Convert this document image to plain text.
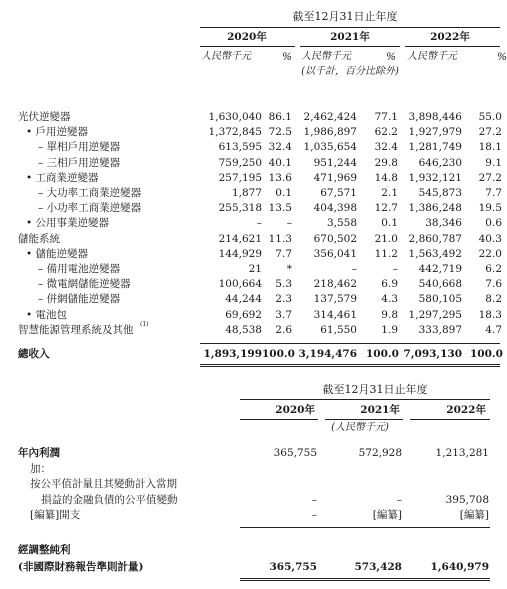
截至12月31日止年度
2020年	2021年	2022年
人民幣千元	% 人民幣千元	% 人民幣千元	%
(以千計，百分比除外)
光伏逆變器	1,630,040 86.1	2,462,424	77.1	3,898,446	55.0
• 戶用逆變器	1,372,845 72.5	1,986,897	62.2	1,927,979	27.2
– 單相戶用逆變器	613,595 32.4	1,035,654	32.4	1,281,749	18.1
– 三相戶用逆變器	759,250 40.1	951,244	29.8	646,230	9.1
• 工商業逆變器	257,195 13.6	471,969	14.8	1,932,121	27.2
– 大功率工商業逆變器	1,877	0.1	67,571	2.1	545,873	7.7
– 小功率工商業逆變器	255,318 13.5	404,398	12.7	1,386,248	19.5
• 公用事業逆變器	–	–	3,558	0.1	38,346	0.6
儲能系統	214,621 11.3	670,502	21.0	2,860,787	40.3
• 儲能逆變器	144,929	7.7	356,041	11.2	1,563,492	22.0
– 備用電池逆變器	21	*	–	–	442,719	6.2
– 微電網儲能逆變器	100,664	5.3	218,462	6.9	540,668	7.6
– 併網儲能逆變器	44,244	2.3	137,579	4.3	580,105	8.2
• 電池包	69,692	3.7	314,461	9.8	1,297,295	18.3
智慧能源管理系統及其他 (1)	48,538	2.6	61,550	1.9	333,897	4.7
總收入	1,893,199 100.0 3,194,476 100.0 7,093,130 100.0
截至12月31日止年度
2020年	2021年	2022年
(人民幣千元)
年內利潤	365,755	572,928	1,213,281
加：
按公平值計量且其變動計入當期
損益的金融負債的公平值變動	–	–	395,708
[編纂]開支	–	[編纂]	[編纂]
經調整純利
(非國際財務報告準則計量)	365,755	573,428	1,640,979
